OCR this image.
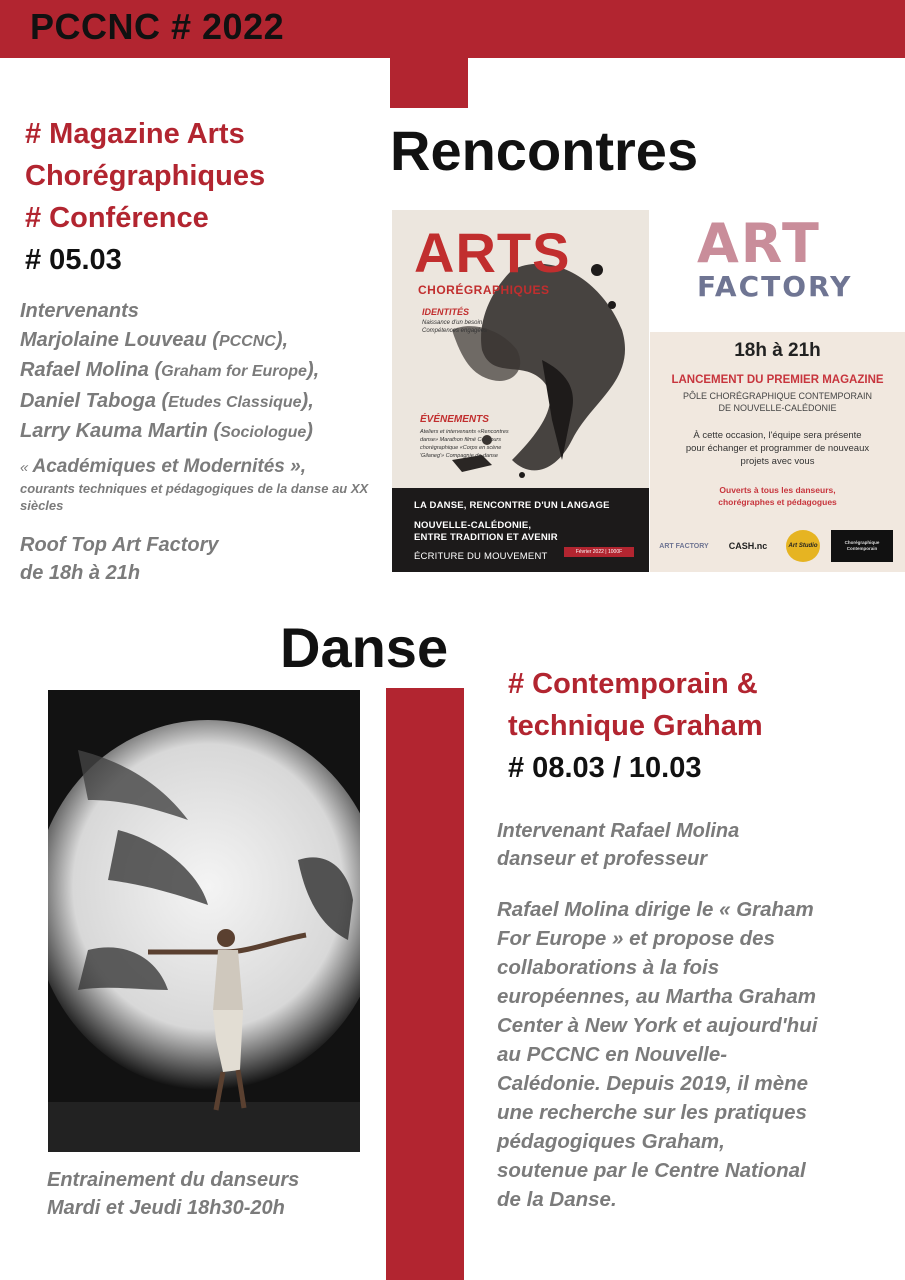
PCCNC # 2022
# Magazine Arts
Chorégraphiques
# Conférence
# 05.03
Intervenants
Marjolaine Louveau (PCCNC),
Rafael Molina (Graham for Europe),
Daniel Taboga (Etudes Classique),
Larry Kauma Martin (Sociologue)
« Académiques et Modernités »,
courants techniques et pédagogiques de la danse au XX siècles
Roof Top Art Factory
de 18h à 21h
Rencontres
ARTS
CHORÉGRAPHIQUES
IDENTITÉS
Naissance d'un besoin Compétences engagées
ÉVÉNEMENTS
Ateliers et intervenants «Rencontres danse» Marathon filmé Concours chorégraphique «Corps en scène 'Gilaneg'» Compagnie de danse
LA DANSE, RENCONTRE D'UN LANGAGE
NOUVELLE-CALÉDONIE,
ENTRE TRADITION ET AVENIR
ÉCRITURE DU MOUVEMENT	Février 2022 | 1000F
ART
FACTORY
18h à 21h
LANCEMENT DU PREMIER MAGAZINE
PÔLE CHORÉGRAPHIQUE CONTEMPORAIN
DE NOUVELLE-CALÉDONIE
À cette occasion, l'équipe sera présente
pour échanger et programmer de nouveaux
projets avec vous
Ouverts à tous les danseurs,
chorégraphes et pédagogues
ART FACTORY	CASH.nc	Art Studio
Chorégraphique Contemporain
Danse
Entrainement du danseurs
Mardi et Jeudi 18h30-20h
# Contemporain &
technique Graham
# 08.03 / 10.03
Intervenant Rafael Molina
danseur et professeur
Rafael Molina dirige le « Graham
For Europe » et propose des
collaborations à la fois
européennes, au Martha Graham
Center à New York et aujourd'hui
au PCCNC en Nouvelle-
Calédonie. Depuis 2019, il mène
une recherche sur les pratiques
pédagogiques Graham,
soutenue par le Centre National
de la Danse.
